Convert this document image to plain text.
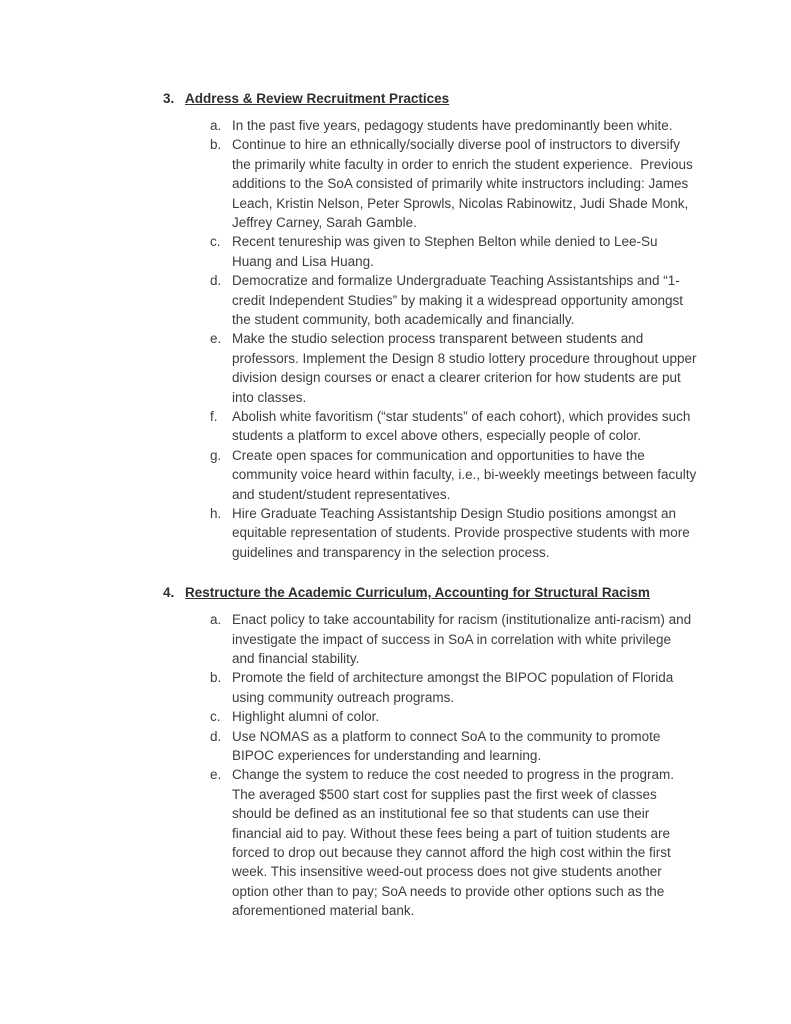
3. Address & Review Recruitment Practices
a. In the past five years, pedagogy students have predominantly been white.
b. Continue to hire an ethnically/socially diverse pool of instructors to diversify the primarily white faculty in order to enrich the student experience.  Previous additions to the SoA consisted of primarily white instructors including: James Leach, Kristin Nelson, Peter Sprowls, Nicolas Rabinowitz, Judi Shade Monk, Jeffrey Carney, Sarah Gamble.
c. Recent tenureship was given to Stephen Belton while denied to Lee-Su Huang and Lisa Huang.
d. Democratize and formalize Undergraduate Teaching Assistantships and “1-credit Independent Studies” by making it a widespread opportunity amongst the student community, both academically and financially.
e. Make the studio selection process transparent between students and professors. Implement the Design 8 studio lottery procedure throughout upper division design courses or enact a clearer criterion for how students are put into classes.
f.	Abolish white favoritism (“star students” of each cohort), which provides such students a platform to excel above others, especially people of color.
g. Create open spaces for communication and opportunities to have the community voice heard within faculty, i.e., bi-weekly meetings between faculty and student/student representatives.
h. Hire Graduate Teaching Assistantship Design Studio positions amongst an equitable representation of students. Provide prospective students with more guidelines and transparency in the selection process.
4. Restructure the Academic Curriculum, Accounting for Structural Racism
a. Enact policy to take accountability for racism (institutionalize anti-racism) and investigate the impact of success in SoA in correlation with white privilege and financial stability.
b. Promote the field of architecture amongst the BIPOC population of Florida using community outreach programs.
c. Highlight alumni of color.
d. Use NOMAS as a platform to connect SoA to the community to promote BIPOC experiences for understanding and learning.
e. Change the system to reduce the cost needed to progress in the program. The averaged $500 start cost for supplies past the first week of classes should be defined as an institutional fee so that students can use their financial aid to pay. Without these fees being a part of tuition students are forced to drop out because they cannot afford the high cost within the first week. This insensitive weed-out process does not give students another option other than to pay; SoA needs to provide other options such as the aforementioned material bank.
